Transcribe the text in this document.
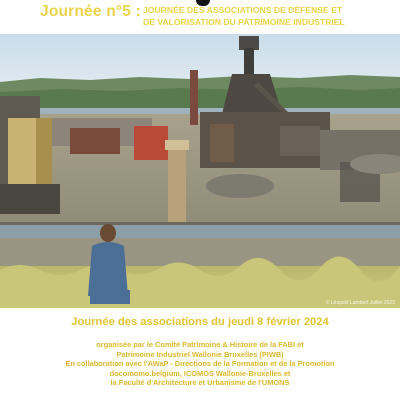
Journée n°5 : JOURNÉE DES ASSOCIATIONS DE DÉFENSE ET
DE VALORISATION DU PATRIMOINE INDUSTRIEL
© Léopold Lambert Juillet 2023
Journée des associations du jeudi 8 février 2024
organisée par le Comité Patrimoine & Histoire de la FABI et
Patrimoine Industriel Wallonie Bruxelles (PIWB)
En collaboration avec l'AWaP - Directions de la Formation et de la Promotion
docomomo.belgium, ICOMOS Wallonie-Bruxelles et
la Faculté d'Architecture et Urbanisme de l'UMONS
